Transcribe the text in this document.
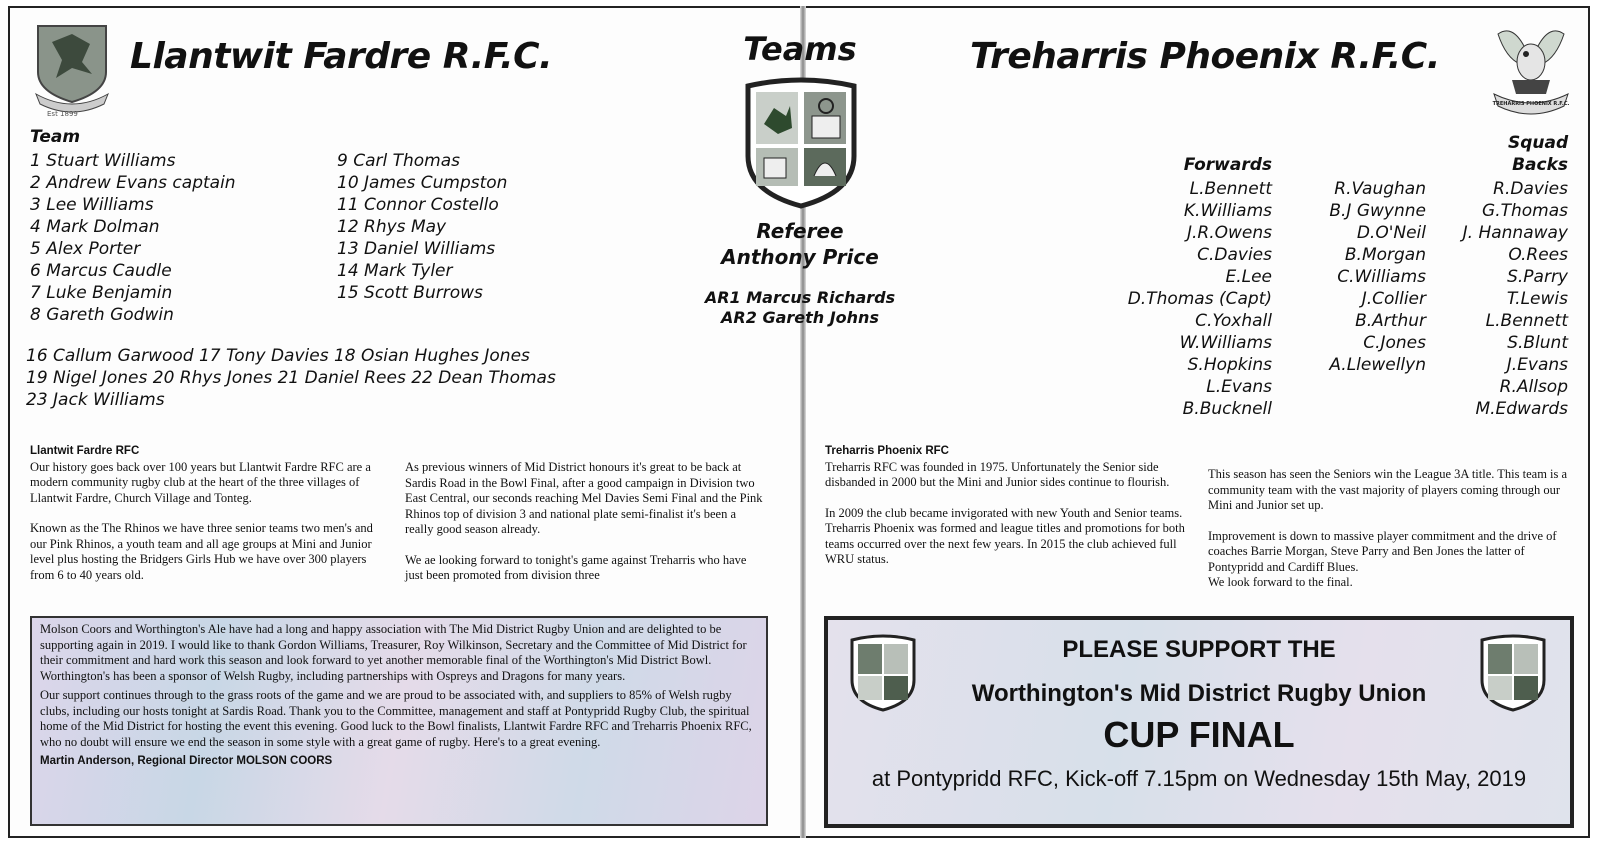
Est 1899
Llantwit Fardre R.F.C.
Team
1 Stuart Williams
2 Andrew Evans captain
3 Lee Williams
4 Mark Dolman
5 Alex Porter
6 Marcus Caudle
7 Luke Benjamin
8 Gareth Godwin
9 Carl Thomas
10 James Cumpston
11 Connor Costello
12 Rhys May
13 Daniel Williams
14 Mark Tyler
15 Scott Burrows
16 Callum Garwood 17 Tony Davies 18 Osian Hughes Jones
19 Nigel Jones 20 Rhys Jones 21 Daniel Rees 22 Dean Thomas
23 Jack Williams
Teams
Referee
Anthony Price
AR1 Marcus Richards
AR2 Gareth Johns
Treharris Phoenix R.F.C.
TREHARRIS PHOENIX R.F.C.
Squad
Forwards	Backs
L.Bennett
K.Williams
J.R.Owens
C.Davies
E.Lee
D.Thomas (Capt)
C.Yoxhall
W.Williams
S.Hopkins
L.Evans
B.Bucknell
R.Vaughan
B.J Gwynne
D.O'Neil
B.Morgan
C.Williams
J.Collier
B.Arthur
C.Jones
A.Llewellyn
R.Davies
G.Thomas
J. Hannaway
O.Rees
S.Parry
T.Lewis
L.Bennett
S.Blunt
J.Evans
R.Allsop
M.Edwards
Llantwit Fardre RFC

Our history goes back over 100 years but Llantwit Fardre RFC are a modern community rugby club at the heart of the three villages of Llantwit Fardre, Church Village and Tonteg.

Known as the The Rhinos we have three senior teams two men's and our Pink Rhinos, a youth team and all age groups at Mini and Junior level plus hosting the Bridgers Girls Hub we have over 300 players from 6 to 40 years old.

As previous winners of Mid District honours it's great to be back at Sardis Road in the Bowl Final, after a good campaign in Division two East Central, our seconds reaching Mel Davies Semi Final and the Pink Rhinos top of division 3 and national plate semi-finalist it's been a really good season already.

We ae looking forward to tonight's game against Treharris who have just been promoted from division three

Treharris Phoenix RFC

Treharris RFC was founded in 1975. Unfortunately the Senior side disbanded in 2000 but the Mini and Junior sides continue to flourish.

In 2009 the club became invigorated with new Youth and Senior teams. Treharris Phoenix was formed and league titles and promotions for both teams occurred over the next few years. In 2015 the club achieved full WRU status.

This season has seen the Seniors win the League 3A title. This team is a community team with the vast majority of players coming through our Mini and Junior set up.

Improvement is down to massive player commitment and the drive of coaches Barrie Morgan, Steve Parry and Ben Jones the latter of Pontypridd and Cardiff Blues.

We look forward to the final.

Molson Coors and Worthington's Ale have had a long and happy association with The Mid District Rugby Union and are delighted to be supporting again in 2019. I would like to thank Gordon Williams, Treasurer, Roy Wilkinson, Secretary and the Committee of Mid District for their commitment and hard work this season and look forward to yet another memorable final of the Worthington's Mid District Bowl. Worthington's has been a sponsor of Welsh Rugby, including partnerships with Ospreys and Dragons for many years.

Our support continues through to the grass roots of the game and we are proud to be associated with, and suppliers to 85% of Welsh rugby clubs, including our hosts tonight at Sardis Road. Thank you to the Committee, management and staff at Pontypridd Rugby Club, the spiritual home of the Mid District for hosting the event this evening. Good luck to the Bowl finalists, Llantwit Fardre RFC and Treharris Phoenix RFC, who no doubt will ensure we end the season in some style with a great game of rugby. Here's to a great evening.

Martin Anderson, Regional Director MOLSON COORS
PLEASE SUPPORT THE
Worthington's Mid District Rugby Union
CUP FINAL
at Pontypridd RFC, Kick-off 7.15pm on Wednesday 15th May, 2019
